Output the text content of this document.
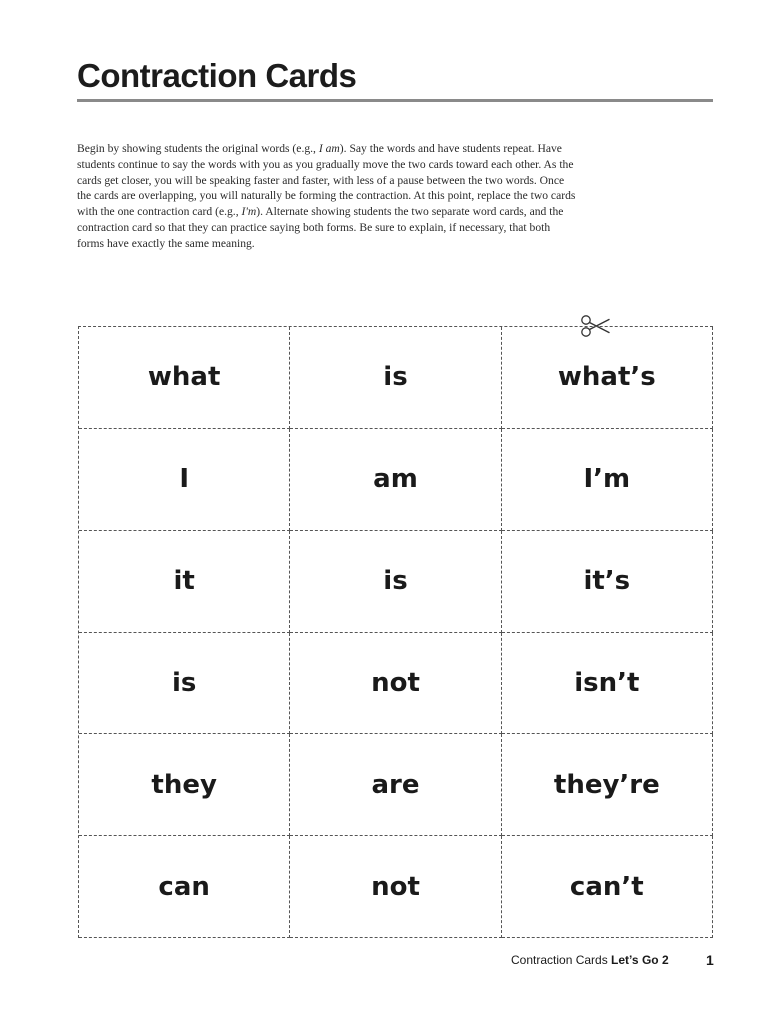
Contraction Cards

Begin by showing students the original words (e.g., I am). Say the words and have students repeat. Have students continue to say the words with you as you gradually move the two cards toward each other. As the cards get closer, you will be speaking faster and faster, with less of a pause between the two words. Once the cards are overlapping, you will naturally be forming the contraction. At this point, replace the two cards with the one contraction card (e.g., I'm). Alternate showing students the two separate word cards, and the contraction card so that they can practice saying both forms. Be sure to explain, if necessary, that both forms have exactly the same meaning.

what	is	what’s
I	am	I’m
it	is	it’s
is	not	isn’t
they	are	they’re
can	not	can’t
Contraction Cards Let’s Go 2	1
